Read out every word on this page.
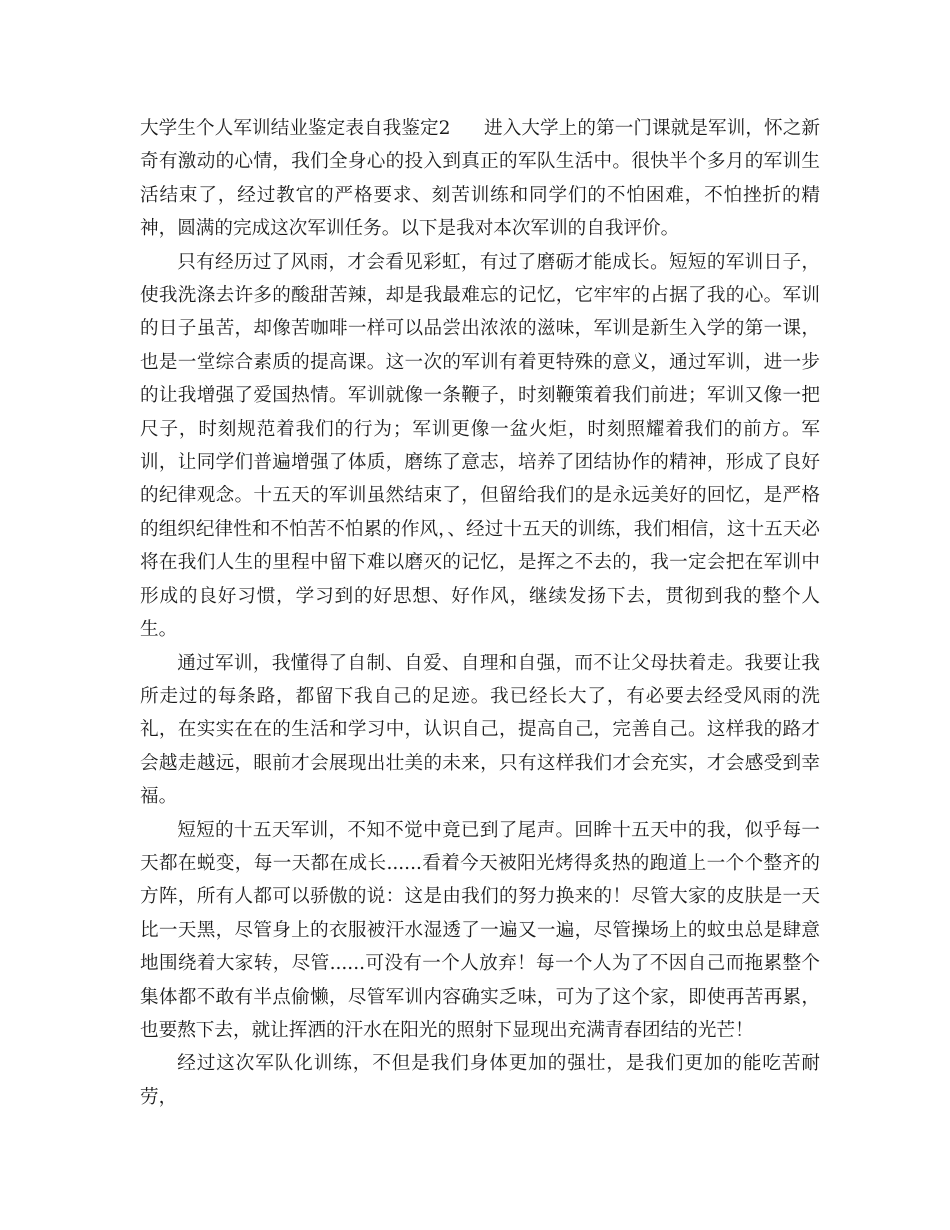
大学生个人军训结业鉴定表自我鉴定2 进入大学上的第一门课就是军训，怀之新奇有激动的心情，我们全身心的投入到真正的军队生活中。很快半个多月的军训生活结束了，经过教官的严格要求、刻苦训练和同学们的不怕困难，不怕挫折的精神，圆满的完成这次军训任务。以下是我对本次军训的自我评价。

只有经历过了风雨，才会看见彩虹，有过了磨砺才能成长。短短的军训日子，使我洗涤去许多的酸甜苦辣，却是我最难忘的记忆，它牢牢的占据了我的心。军训的日子虽苦，却像苦咖啡一样可以品尝出浓浓的滋味，军训是新生入学的第一课，也是一堂综合素质的提高课。这一次的军训有着更特殊的意义，通过军训，进一步的让我增强了爱国热情。军训就像一条鞭子，时刻鞭策着我们前进；军训又像一把尺子，时刻规范着我们的行为；军训更像一盆火炬，时刻照耀着我们的前方。军训，让同学们普遍增强了体质，磨练了意志，培养了团结协作的精神，形成了良好的纪律观念。十五天的军训虽然结束了，但留给我们的是永远美好的回忆，是严格的组织纪律性和不怕苦不怕累的作风，、经过十五天的训练，我们相信，这十五天必将在我们人生的里程中留下难以磨灭的记忆，是挥之不去的，我一定会把在军训中形成的良好习惯，学习到的好思想、好作风，继续发扬下去，贯彻到我的整个人生。

通过军训，我懂得了自制、自爱、自理和自强，而不让父母扶着走。我要让我所走过的每条路，都留下我自己的足迹。我已经长大了，有必要去经受风雨的洗礼，在实实在在的生活和学习中，认识自己，提高自己，完善自己。这样我的路才会越走越远，眼前才会展现出壮美的未来，只有这样我们才会充实，才会感受到幸福。

短短的十五天军训，不知不觉中竟已到了尾声。回眸十五天中的我，似乎每一天都在蜕变，每一天都在成长......看着今天被阳光烤得炙热的跑道上一个个整齐的方阵，所有人都可以骄傲的说：这是由我们的努力换来的！尽管大家的皮肤是一天比一天黑，尽管身上的衣服被汗水湿透了一遍又一遍，尽管操场上的蚊虫总是肆意地围绕着大家转，尽管......可没有一个人放弃！每一个人为了不因自己而拖累整个集体都不敢有半点偷懒，尽管军训内容确实乏味，可为了这个家，即使再苦再累，也要熬下去，就让挥洒的汗水在阳光的照射下显现出充满青春团结的光芒！

经过这次军队化训练，不但是我们身体更加的强壮，是我们更加的能吃苦耐劳，
